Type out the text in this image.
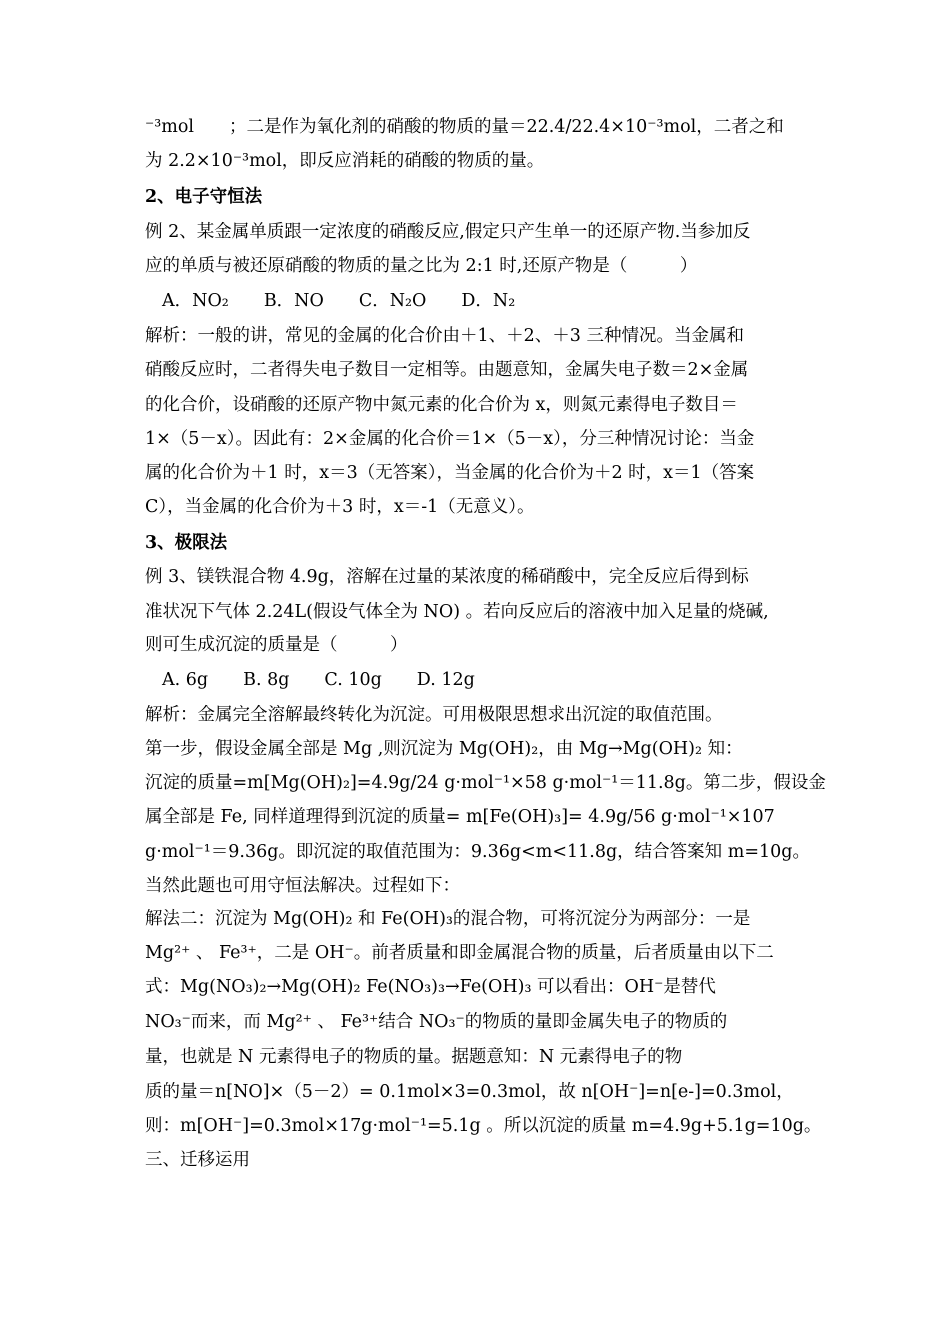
⁻³mol　　；二是作为氧化剂的硝酸的物质的量＝22.4/22.4×10⁻³mol，二者之和
为 2.2×10⁻³mol，即反应消耗的硝酸的物质的量。
2、电子守恒法
例 2、某金属单质跟一定浓度的硝酸反应,假定只产生单一的还原产物.当参加反
应的单质与被还原硝酸的物质的量之比为 2:1 时,还原产物是（　　　）
A．NO₂　　B．NO　　C．N₂O　　D．N₂
解析：一般的讲，常见的金属的化合价由＋1、＋2、＋3 三种情况。当金属和
硝酸反应时，二者得失电子数目一定相等。由题意知，金属失电子数＝2×金属
的化合价，设硝酸的还原产物中氮元素的化合价为 x，则氮元素得电子数目＝
1×（5－x）。因此有：2×金属的化合价＝1×（5－x），分三种情况讨论：当金
属的化合价为＋1 时，x＝3（无答案），当金属的化合价为＋2 时，x＝1（答案
C），当金属的化合价为＋3 时，x＝-1（无意义）。
3、极限法
例 3、镁铁混合物 4.9g，溶解在过量的某浓度的稀硝酸中，完全反应后得到标
准状况下气体 2.24L(假设气体全为 NO) 。若向反应后的溶液中加入足量的烧碱,
则可生成沉淀的质量是（　　　）
A. 6g　　B. 8g　　C. 10g　　D. 12g
解析：金属完全溶解最终转化为沉淀。可用极限思想求出沉淀的取值范围。
第一步，假设金属全部是 Mg ,则沉淀为 Mg(OH)₂，由 Mg→Mg(OH)₂ 知：
沉淀的质量=m[Mg(OH)₂]=4.9g/24 g·mol⁻¹×58 g·mol⁻¹＝11.8g。第二步，假设金
属全部是 Fe, 同样道理得到沉淀的质量= m[Fe(OH)₃]= 4.9g/56 g·mol⁻¹×107
g·mol⁻¹＝9.36g。即沉淀的取值范围为：9.36g<m<11.8g，结合答案知 m=10g。
当然此题也可用守恒法解决。过程如下：
解法二：沉淀为 Mg(OH)₂ 和 Fe(OH)₃的混合物，可将沉淀分为两部分：一是
Mg²⁺ 、 Fe³⁺，二是 OH⁻。前者质量和即金属混合物的质量，后者质量由以下二
式：Mg(NO₃)₂→Mg(OH)₂ Fe(NO₃)₃→Fe(OH)₃ 可以看出：OH⁻是替代
NO₃⁻而来，而 Mg²⁺ 、 Fe³⁺结合 NO₃⁻的物质的量即金属失电子的物质的
量，也就是 N 元素得电子的物质的量。据题意知：N 元素得电子的物
质的量＝n[NO]×（5－2）= 0.1mol×3=0.3mol，故 n[OH⁻]=n[e-]=0.3mol，
则：m[OH⁻]=0.3mol×17g·mol⁻¹=5.1g 。所以沉淀的质量 m=4.9g+5.1g=10g。
三、迁移运用
